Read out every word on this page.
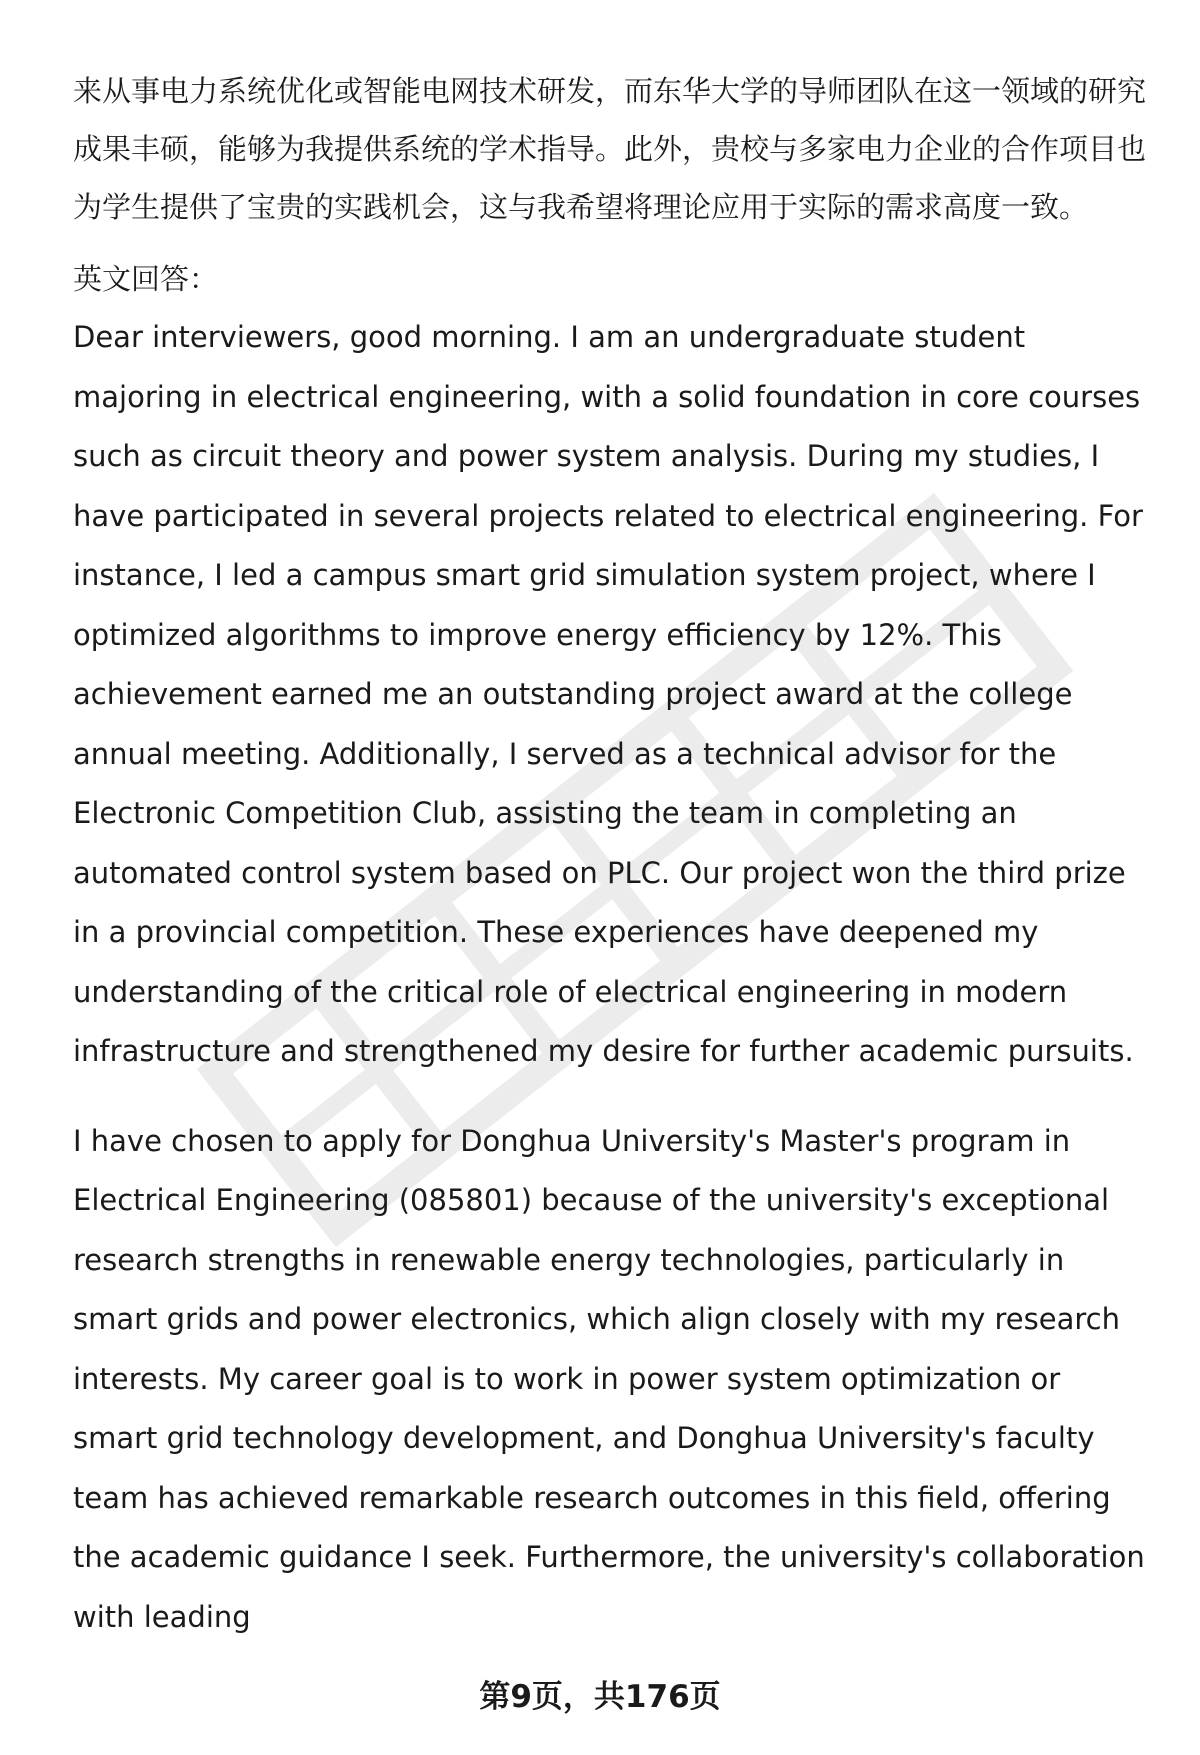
来从事电力系统优化或智能电网技术研发，而东华大学的导师团队在这一领域的研究成果丰硕，能够为我提供系统的学术指导。此外，贵校与多家电力企业的合作项目也为学生提供了宝贵的实践机会，这与我希望将理论应用于实际的需求高度一致。

英文回答：

Dear interviewers, good morning. I am an undergraduate student majoring in electrical engineering, with a solid foundation in core courses such as circuit theory and power system analysis. During my studies, I have participated in several projects related to electrical engineering. For instance, I led a campus smart grid simulation system project, where I optimized algorithms to improve energy efficiency by 12%. This achievement earned me an outstanding project award at the college annual meeting. Additionally, I served as a technical advisor for the Electronic Competition Club, assisting the team in completing an automated control system based on PLC. Our project won the third prize in a provincial competition. These experiences have deepened my understanding of the critical role of electrical engineering in modern infrastructure and strengthened my desire for further academic pursuits.

I have chosen to apply for Donghua University's Master's program in Electrical Engineering (085801) because of the university's exceptional research strengths in renewable energy technologies, particularly in smart grids and power electronics, which align closely with my research interests. My career goal is to work in power system optimization or smart grid technology development, and Donghua University's faculty team has achieved remarkable research outcomes in this field, offering the academic guidance I seek. Furthermore, the university's collaboration with leading

第9页，共176页
